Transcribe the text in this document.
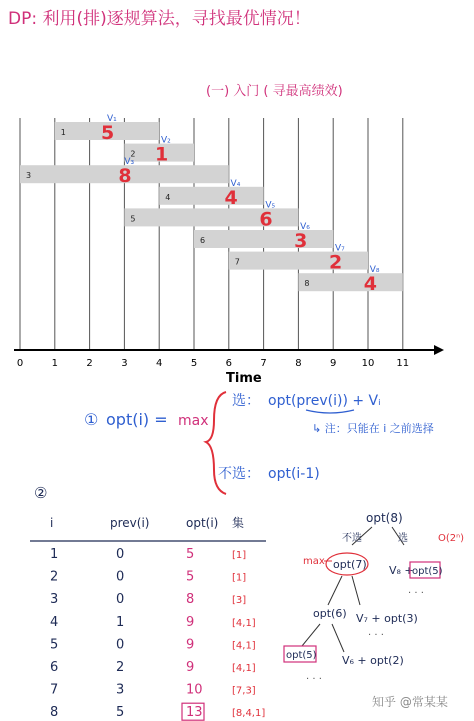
DP: 利用(排)逐规算法，寻找最优情况！
(一) 入门 ( 寻最高绩效)
1 5
V₁
2 1
V₂
3	8
V₃
4	4
V₄
5	6
V₅
6	3
V₆
7	2
V₇
8	4
V₈
0	1	2	3	4	5	6	7	8	9	10 11
Time
① opt(i) = max
选： opt(prev(i)) + Vᵢ
↳ 注：只能在 i 之前选择
不选： opt(i-1)
②
i	prev(i)	opt(i) 集
1	0	5	[1]
2	0	5	[1]
3	0	8	[3]
4	1	9	[4,1]
5	0	9	[4,1]
6	2	9	[4,1]
7	3	10	[7,3]
8	5	13	[8,4,1]
opt(8)
不选	选	O(2ⁿ)
max opt(7) V₈ +
opt(5)
· · ·
opt(6) V₇ + opt(3)
· · ·
opt(5) V₆ + opt(2)
· · ·
知乎 @常某某
